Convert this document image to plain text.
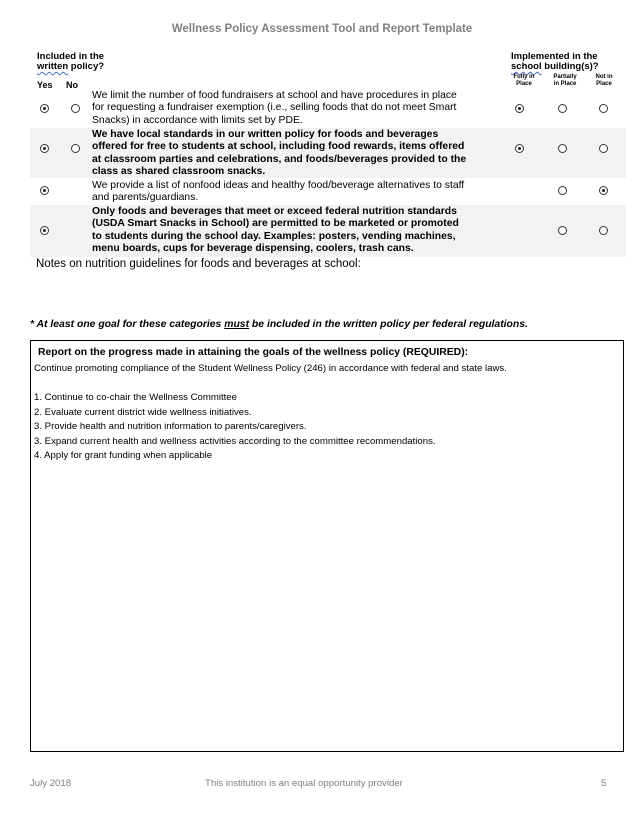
Wellness Policy Assessment Tool and Report Template
Included in the
written policy?
Yes No
Implemented in the
school building(s)?
Fully in
Place
Partially
in Place
Not in
Place
We limit the number of food fundraisers at school and have procedures in place
for requesting a fundraiser exemption (i.e., selling foods that do not meet Smart
Snacks) in accordance with limits set by PDE.
We have local standards in our written policy for foods and beverages
offered for free to students at school, including food rewards, items offered
at classroom parties and celebrations, and foods/beverages provided to the
class as shared classroom snacks.
We provide a list of nonfood ideas and healthy food/beverage alternatives to staff
and parents/guardians.
Only foods and beverages that meet or exceed federal nutrition standards
(USDA Smart Snacks in School) are permitted to be marketed or promoted
to students during the school day. Examples: posters, vending machines,
menu boards, cups for beverage dispensing, coolers, trash cans.
Notes on nutrition guidelines for foods and beverages at school:
* At least one goal for these categories must be included in the written policy per federal regulations.
Report on the progress made in attaining the goals of the wellness policy (REQUIRED):
Continue promoting compliance of the Student Wellness Policy (246) in accordance with federal and state laws.
1. Continue to co-chair the Wellness Committee
2. Evaluate current district wide wellness initiatives.
3. Provide health and nutrition information to parents/caregivers.
3. Expand current health and wellness activities according to the committee recommendations.
4. Apply for grant funding when applicable
July 2018	This institution is an equal opportunity provider	5
